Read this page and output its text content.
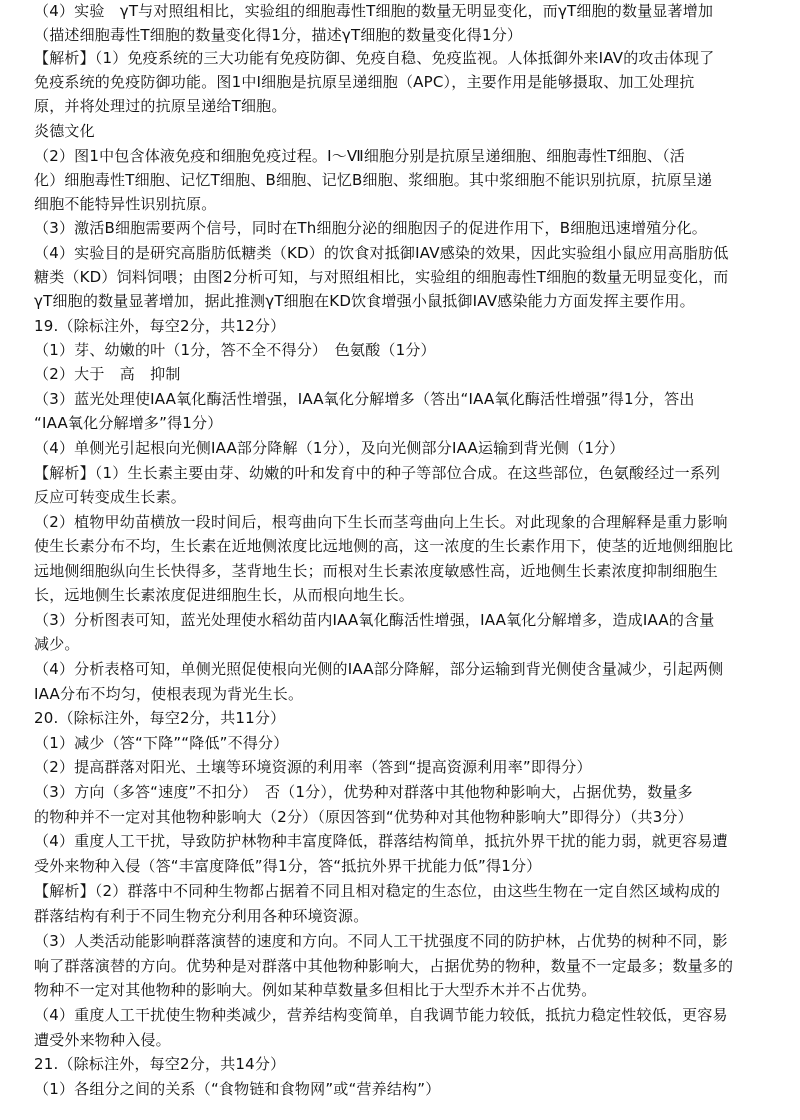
（4）实验　γT与对照组相比，实验组的细胞毒性T细胞的数量无明显变化，而γT细胞的数量显著增加
（描述细胞毒性T细胞的数量变化得1分，描述γT细胞的数量变化得1分）
【解析】（1）免疫系统的三大功能有免疫防御、免疫自稳、免疫监视。人体抵御外来IAV的攻击体现了
免疫系统的免疫防御功能。图1中Ⅰ细胞是抗原呈递细胞（APC），主要作用是能够摄取、加工处理抗
原，并将处理过的抗原呈递给T细胞。
炎德文化
（2）图1中包含体液免疫和细胞免疫过程。Ⅰ～Ⅶ细胞分别是抗原呈递细胞、细胞毒性T细胞、（活
化）细胞毒性T细胞、记忆T细胞、B细胞、记忆B细胞、浆细胞。其中浆细胞不能识别抗原，抗原呈递
细胞不能特异性识别抗原。
（3）激活B细胞需要两个信号，同时在Th细胞分泌的细胞因子的促进作用下，B细胞迅速增殖分化。
（4）实验目的是研究高脂肪低糖类（KD）的饮食对抵御IAV感染的效果，因此实验组小鼠应用高脂肪低
糖类（KD）饲料饲喂；由图2分析可知，与对照组相比，实验组的细胞毒性T细胞的数量无明显变化，而
γT细胞的数量显著增加，据此推测γT细胞在KD饮食增强小鼠抵御IAV感染能力方面发挥主要作用。
19.（除标注外，每空2分，共12分）
（1）芽、幼嫩的叶（1分，答不全不得分）　色氨酸（1分）
（2）大于　高　抑制
（3）蓝光处理使IAA氧化酶活性增强，IAA氧化分解增多（答出“IAA氧化酶活性增强”得1分，答出
“IAA氧化分解增多”得1分）
（4）单侧光引起根向光侧IAA部分降解（1分），及向光侧部分IAA运输到背光侧（1分）
【解析】（1）生长素主要由芽、幼嫩的叶和发育中的种子等部位合成。在这些部位，色氨酸经过一系列
反应可转变成生长素。
（2）植物甲幼苗横放一段时间后，根弯曲向下生长而茎弯曲向上生长。对此现象的合理解释是重力影响
使生长素分布不均，生长素在近地侧浓度比远地侧的高，这一浓度的生长素作用下，使茎的近地侧细胞比
远地侧细胞纵向生长快得多，茎背地生长；而根对生长素浓度敏感性高，近地侧生长素浓度抑制细胞生
长，远地侧生长素浓度促进细胞生长，从而根向地生长。
（3）分析图表可知，蓝光处理使水稻幼苗内IAA氧化酶活性增强，IAA氧化分解增多，造成IAA的含量
减少。
（4）分析表格可知，单侧光照促使根向光侧的IAA部分降解，部分运输到背光侧使含量减少，引起两侧
IAA分布不均匀，使根表现为背光生长。
20.（除标注外，每空2分，共11分）
（1）减少（答“下降”“降低”不得分）
（2）提高群落对阳光、土壤等环境资源的利用率（答到“提高资源利用率”即得分）
（3）方向（多答“速度”不扣分）　否（1分），优势种对群落中其他物种影响大，占据优势，数量多
的物种并不一定对其他物种影响大（2分）（原因答到“优势种对其他物种影响大”即得分）（共3分）
（4）重度人工干扰，导致防护林物种丰富度降低，群落结构简单，抵抗外界干扰的能力弱，就更容易遭
受外来物种入侵（答“丰富度降低”得1分，答“抵抗外界干扰能力低”得1分）
【解析】（2）群落中不同种生物都占据着不同且相对稳定的生态位，由这些生物在一定自然区域构成的
群落结构有利于不同生物充分利用各种环境资源。
（3）人类活动能影响群落演替的速度和方向。不同人工干扰强度不同的防护林，占优势的树种不同，影
响了群落演替的方向。优势种是对群落中其他物种影响大，占据优势的物种，数量不一定最多；数量多的
物种不一定对其他物种的影响大。例如某种草数量多但相比于大型乔木并不占优势。
（4）重度人工干扰使生物种类减少，营养结构变简单，自我调节能力较低，抵抗力稳定性较低，更容易
遭受外来物种入侵。
21.（除标注外，每空2分，共14分）
（1）各组分之间的关系（“食物链和食物网”或“营养结构”）
